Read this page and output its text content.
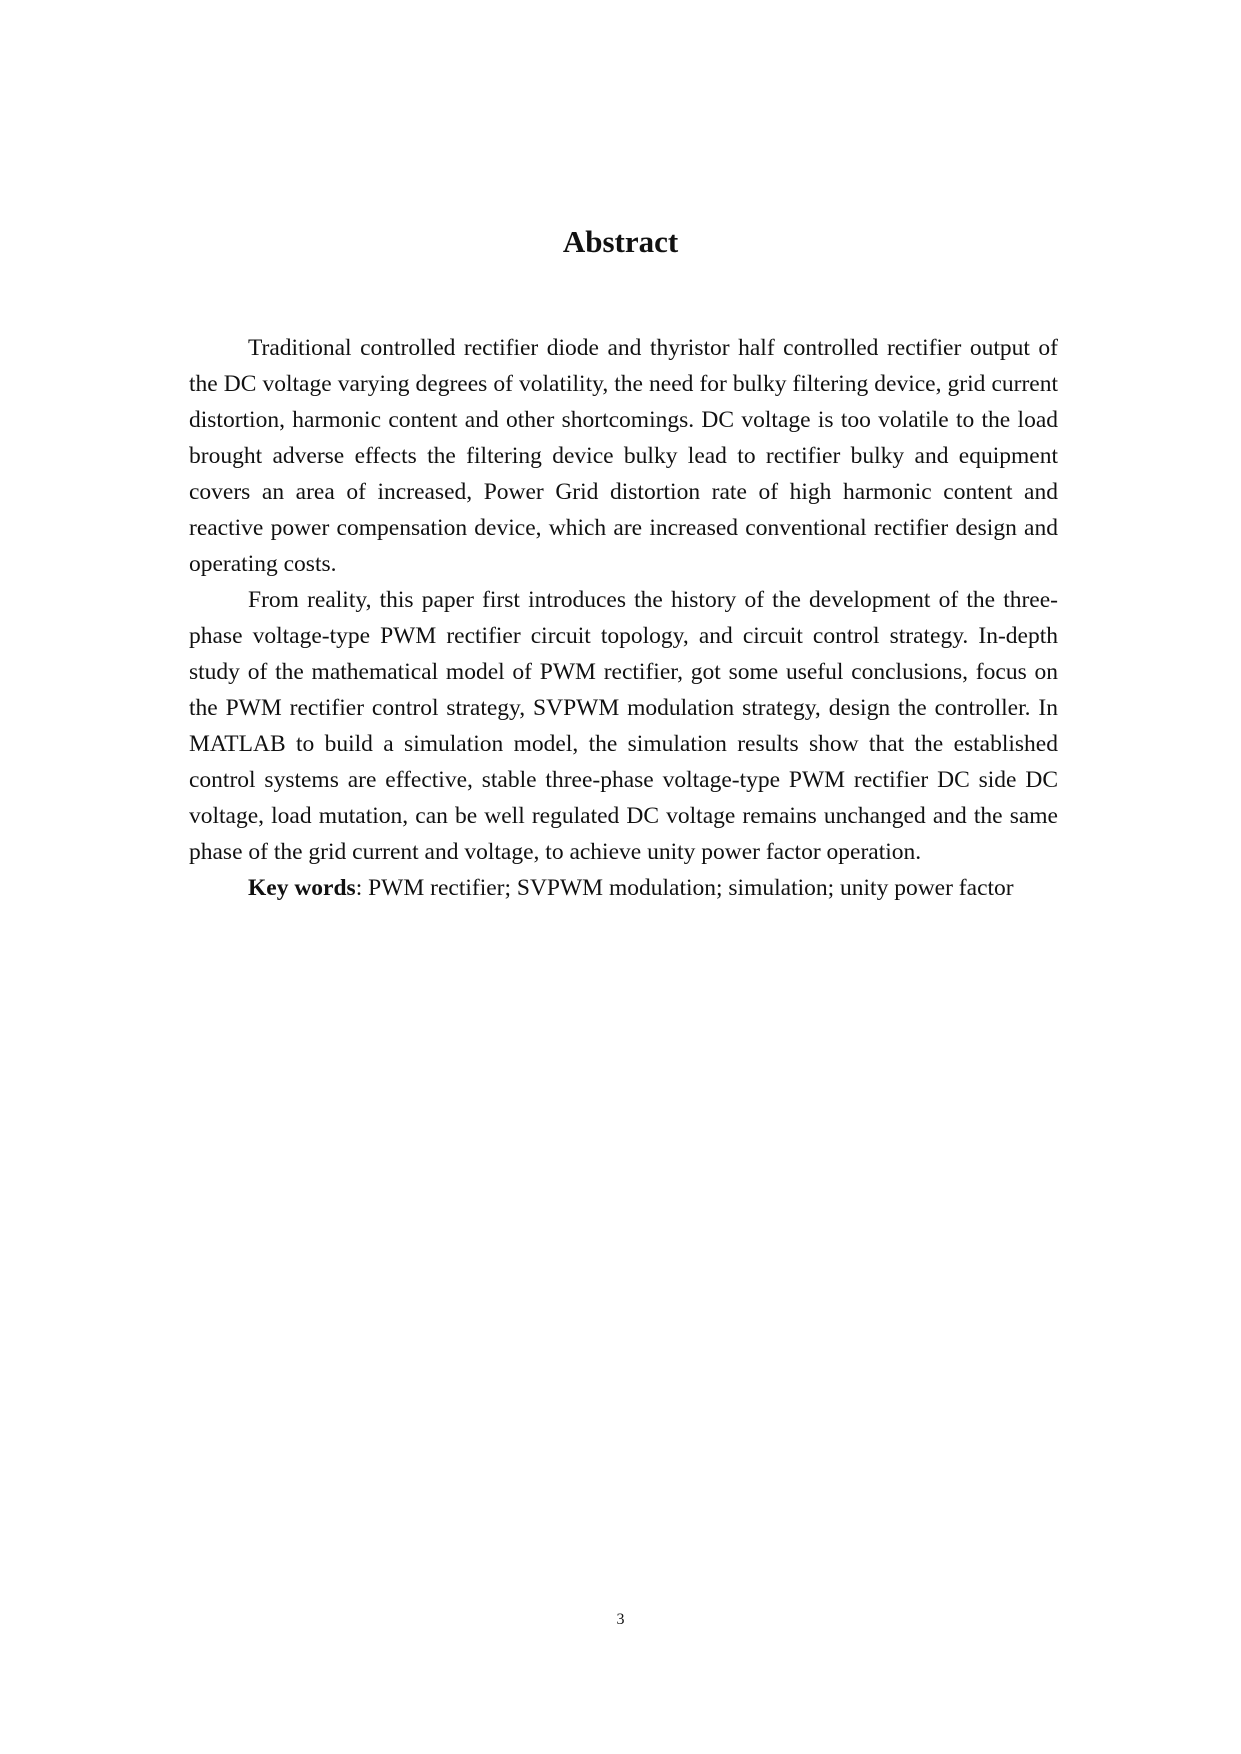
Abstract

Traditional controlled rectifier diode and thyristor half controlled rectifier output of the DC voltage varying degrees of volatility, the need for bulky filtering device, grid current distortion, harmonic content and other shortcomings. DC voltage is too volatile to the load brought adverse effects the filtering device bulky lead to rectifier bulky and equipment covers an area of increased, Power Grid distortion rate of high harmonic content and reactive power compensation device, which are increased conventional rectifier design and operating costs.

From reality, this paper first introduces the history of the development of the three-phase voltage-type PWM rectifier circuit topology, and circuit control strategy. In-depth study of the mathematical model of PWM rectifier, got some useful conclusions, focus on the PWM rectifier control strategy, SVPWM modulation strategy, design the controller. In MATLAB to build a simulation model, the simulation results show that the established control systems are effective, stable three-phase voltage-type PWM rectifier DC side DC voltage, load mutation, can be well regulated DC voltage remains unchanged and the same phase of the grid current and voltage, to achieve unity power factor operation.

Key words: PWM rectifier; SVPWM modulation; simulation; unity power factor

3
